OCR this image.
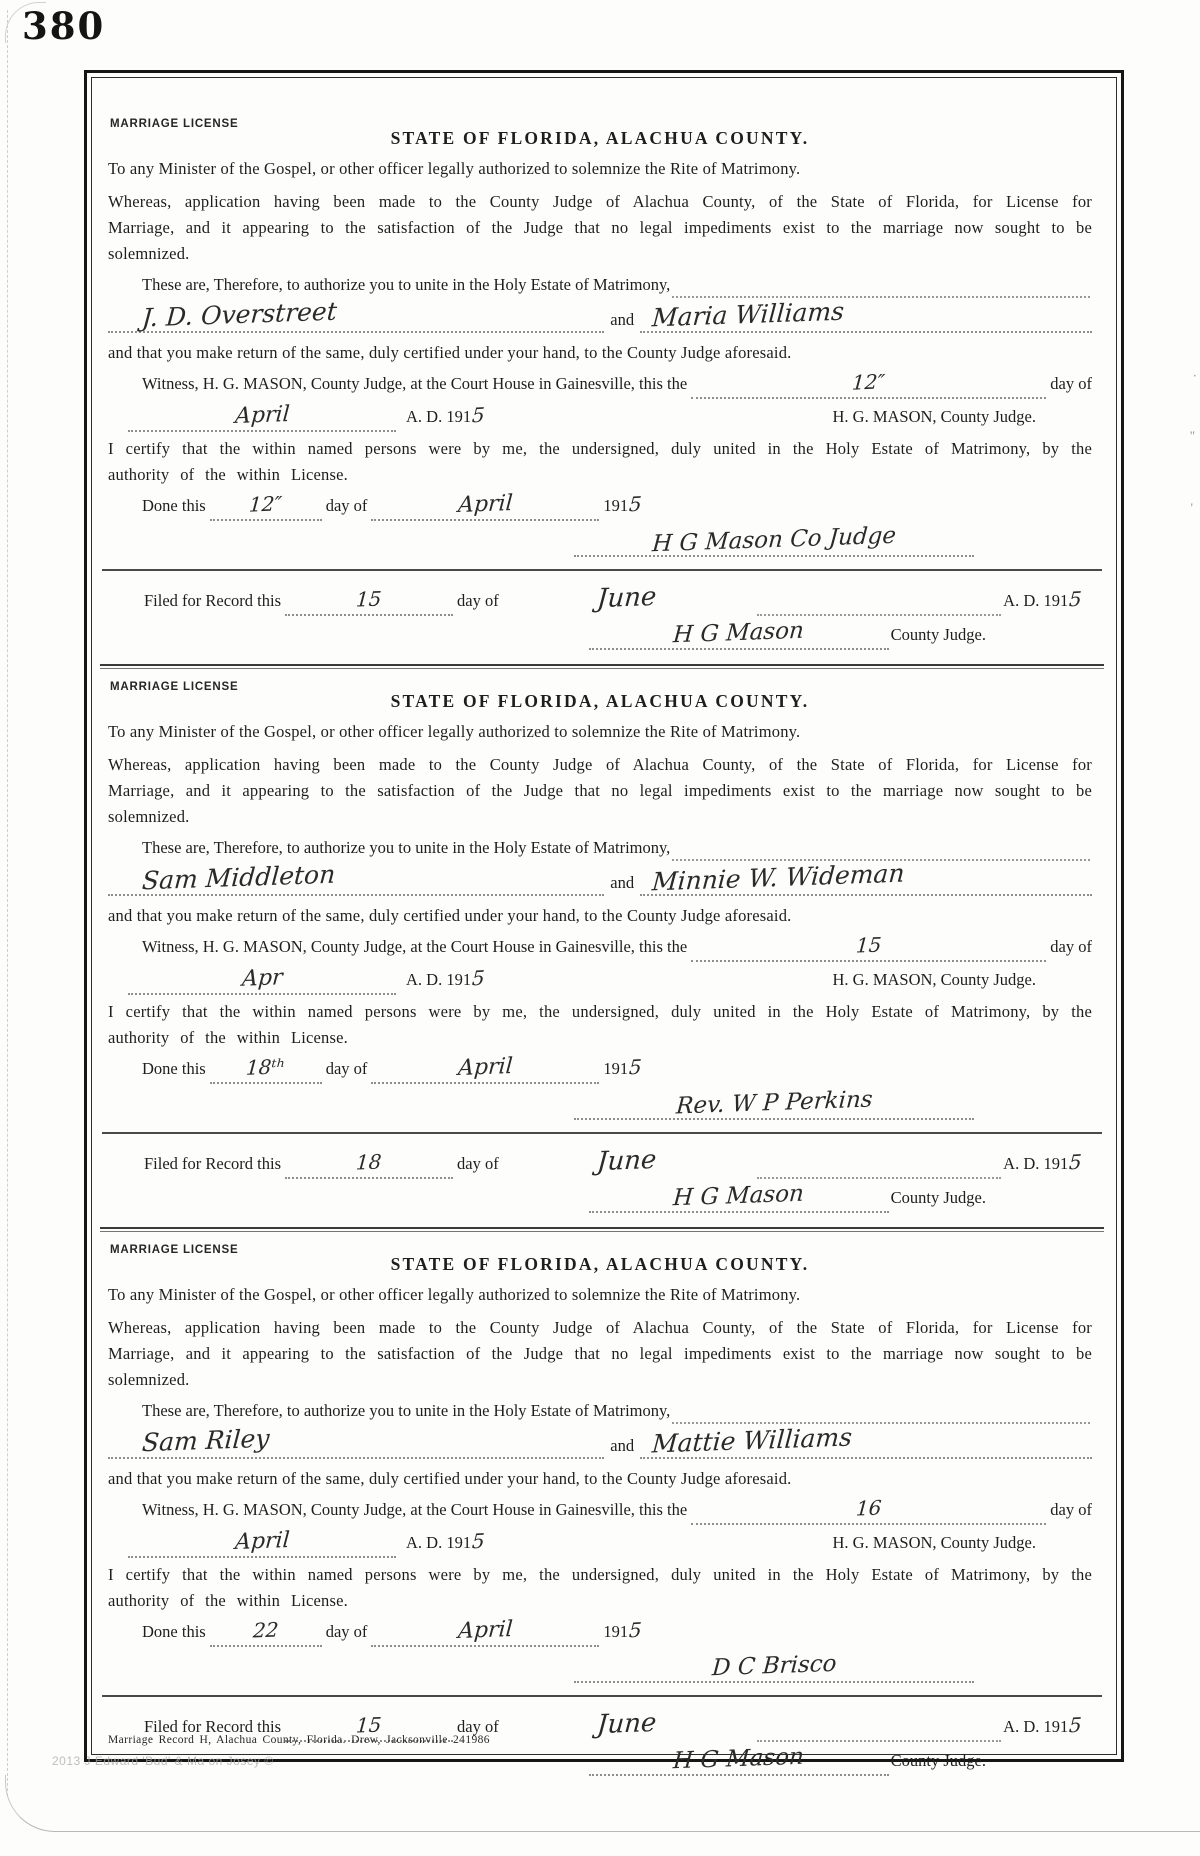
380
"
'
·
MARRIAGE LICENSE
STATE OF FLORIDA, ALACHUA COUNTY.

To any Minister of the Gospel, or other officer legally authorized to solemnize the Rite of Matrimony.

Whereas, application having been made to the County Judge of Alachua County, of the State of Florida, for License for Marriage, and it appearing to the satisfaction of the Judge that no legal impediments exist to the marriage now sought to be solemnized.

These are, Therefore, to authorize you to unite in the Holy Estate of Matrimony,
J. D. Overstreet	and Maria Williams

and that you make return of the same, duly certified under your hand, to the County Judge aforesaid.

Witness, H. G. MASON, County Judge, at the Court House in Gainesville, this the	12″	day of
April	A. D. 191 5	H. G. MASON, County Judge.

I certify that the within named persons were by me, the undersigned, duly united in the Holy Estate of Matrimony, by the authority of the within License.

Done this	12″	day of	April	191 5
H G Mason Co Judge
Filed for Record this	15	day of	June	A. D. 191 5
H G Mason	County Judge.
MARRIAGE LICENSE
STATE OF FLORIDA, ALACHUA COUNTY.

To any Minister of the Gospel, or other officer legally authorized to solemnize the Rite of Matrimony.

Whereas, application having been made to the County Judge of Alachua County, of the State of Florida, for License for Marriage, and it appearing to the satisfaction of the Judge that no legal impediments exist to the marriage now sought to be solemnized.

These are, Therefore, to authorize you to unite in the Holy Estate of Matrimony,
Sam Middleton	and Minnie W. Wideman

and that you make return of the same, duly certified under your hand, to the County Judge aforesaid.

Witness, H. G. MASON, County Judge, at the Court House in Gainesville, this the	15	day of
Apr	A. D. 191 5	H. G. MASON, County Judge.

I certify that the within named persons were by me, the undersigned, duly united in the Holy Estate of Matrimony, by the authority of the within License.

Done this	18ᵗʰ	day of	April	191 5
Rev. W P Perkins
Filed for Record this	18	day of	June	A. D. 191 5
H G Mason	County Judge.
MARRIAGE LICENSE
STATE OF FLORIDA, ALACHUA COUNTY.

To any Minister of the Gospel, or other officer legally authorized to solemnize the Rite of Matrimony.

Whereas, application having been made to the County Judge of Alachua County, of the State of Florida, for License for Marriage, and it appearing to the satisfaction of the Judge that no legal impediments exist to the marriage now sought to be solemnized.

These are, Therefore, to authorize you to unite in the Holy Estate of Matrimony,
Sam Riley	and Mattie Williams

and that you make return of the same, duly certified under your hand, to the County Judge aforesaid.

Witness, H. G. MASON, County Judge, at the Court House in Gainesville, this the	16	day of
April	A. D. 191 5	H. G. MASON, County Judge.

I certify that the within named persons were by me, the undersigned, duly united in the Holy Estate of Matrimony, by the authority of the within License.

Done this	22	day of	April	191 5
D C Brisco
Filed for Record this	15	day of	June	A. D. 191 5
H G Mason	County Judge.
Marriage Record H, Alachua County, Florida. Drew, Jacksonville 241986
2013 J Edward 'Bud' & Ma on Josey ©
